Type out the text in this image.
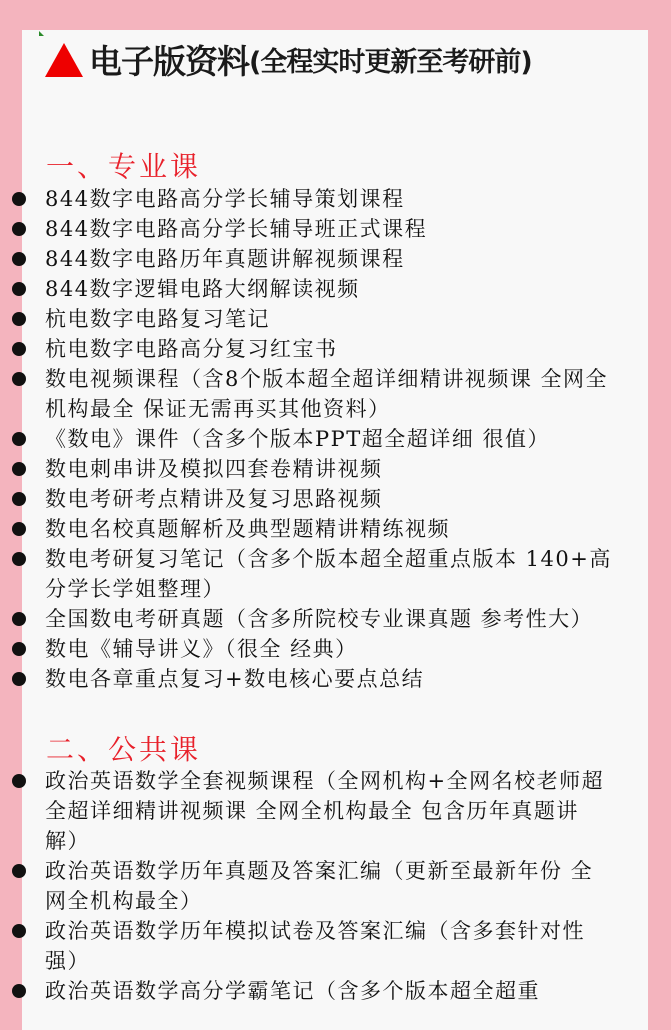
电子版资料 (全程实时更新至考研前)
一、专业课
844数字电路高分学长辅导策划课程
844数字电路高分学长辅导班正式课程
844数字电路历年真题讲解视频课程
844数字逻辑电路大纲解读视频
杭电数字电路复习笔记
杭电数字电路高分复习红宝书
数电视频课程（含8个版本超全超详细精讲视频课 全网全机构最全 保证无需再买其他资料）
《数电》课件（含多个版本PPT超全超详细 很值）
数电刺串讲及模拟四套卷精讲视频
数电考研考点精讲及复习思路视频
数电名校真题解析及典型题精讲精练视频
数电考研复习笔记（含多个版本超全超重点版本 140+高分学长学姐整理）
全国数电考研真题（含多所院校专业课真题 参考性大）
数电《辅导讲义》（很全 经典）
数电各章重点复习+数电核心要点总结
二、公共课
政治英语数学全套视频课程（全网机构+全网名校老师超全超详细精讲视频课 全网全机构最全 包含历年真题讲解）
政治英语数学历年真题及答案汇编（更新至最新年份 全网全机构最全）
政治英语数学历年模拟试卷及答案汇编（含多套针对性强）
政治英语数学高分学霸笔记（含多个版本超全超重
